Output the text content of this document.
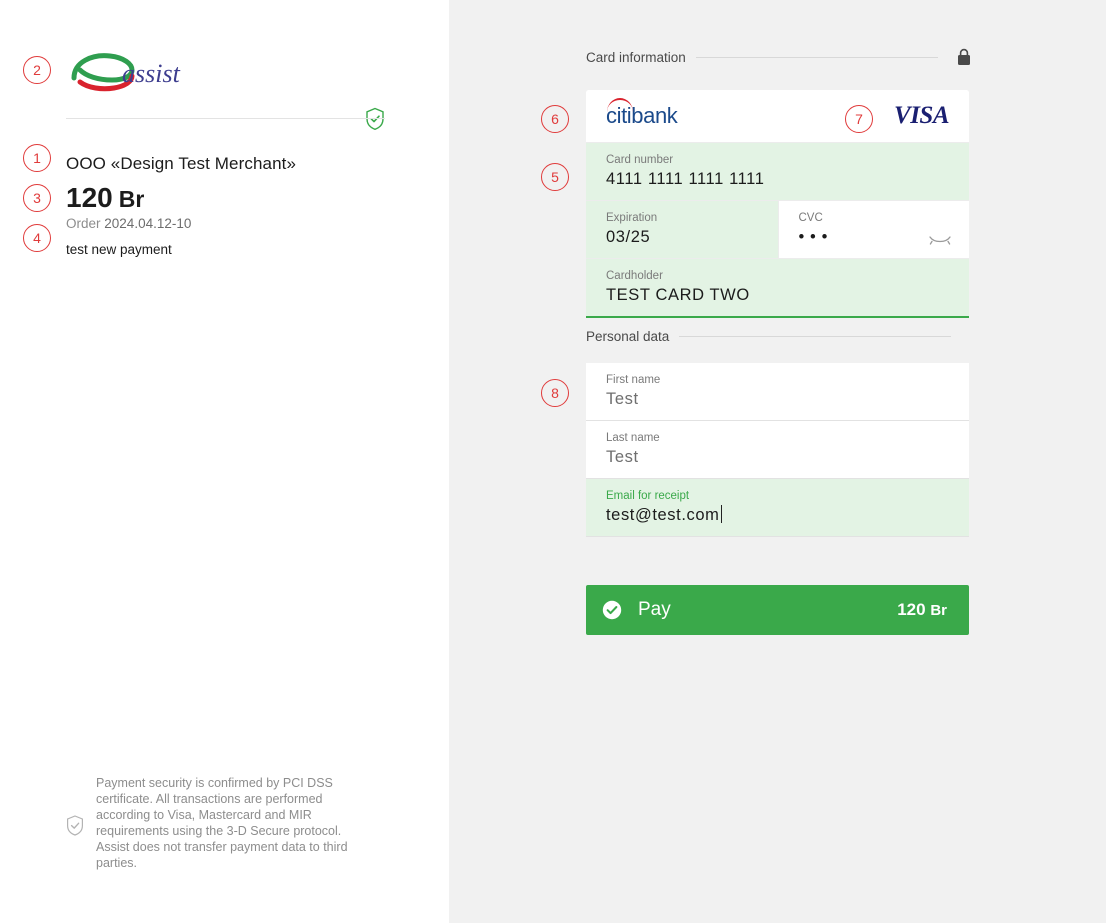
assist
OOO «Design Test Merchant»
120 Br
Order 2024.04.12-10
test new payment
Payment security is confirmed by PCI DSS certificate. All transactions are performed according to Visa, Mastercard and MIR requirements using the 3-D Secure protocol. Assist does not transfer payment data to third parties.
Card information
citibank	VISA
Card number
4111 1111 1111 1111
Expiration
03/25
CVC
• • •
Cardholder
TEST CARD TWO
Personal data
First name
Test
Last name
Test
Email for receipt
test@test.com
Pay	120 Br
1
2
3
4
5
6	7
8
